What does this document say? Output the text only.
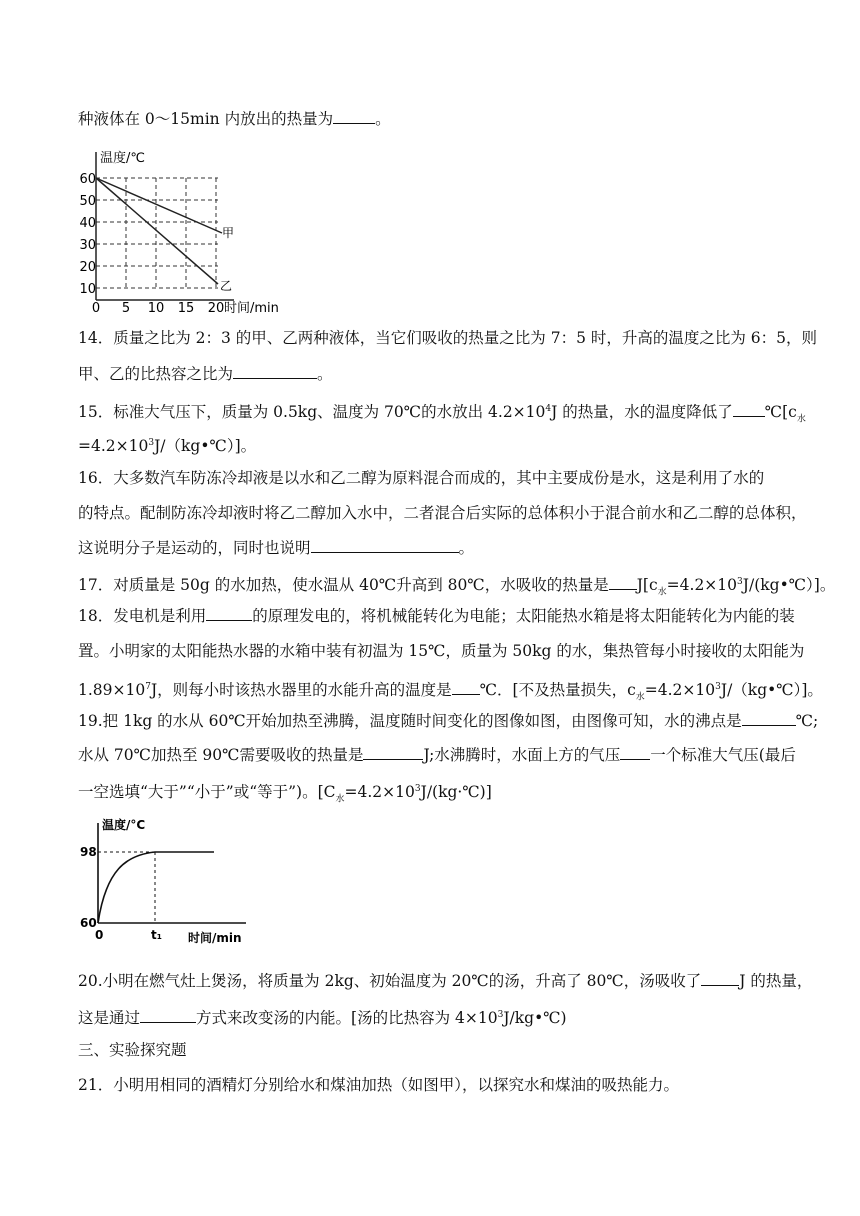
种液体在 0～15min 内放出的热量为	。
温度/℃
60
50
40
30
20
10
0 5 10 15 20 时间/min
甲
乙
14．质量之比为 2：3 的甲、乙两种液体，当它们吸收的热量之比为 7：5 时，升高的温度之比为 6：5，则
甲、乙的比热容之比为	。
15．标准大气压下，质量为 0.5kg、温度为 70℃的水放出 $4.2\times 10^4J$ 的热量，水的温度降低了 $℃[c_水$
$=4.2\times 10^3J/(kg•℃)$]。
16．大多数汽车防冻冷却液是以水和乙二醇为原料混合而成的，其中主要成份是水，这是利用了水的
的特点。配制防冻冷却液时将乙二醇加入水中，二者混合后实际的总体积小于混合前水和乙二醇的总体积，
这说明分子是运动的，同时也说明	。
17．对质量是 50g 的水加热，使水温从 40℃升高到 80℃，水吸收的热量是 $J[c_水=4.2\times 10^3J/(kg•℃)]$。
18．发电机是利用	的原理发电的，将机械能转化为电能；太阳能热水箱是将太阳能转化为内能的装
置。小明家的太阳能热水器的水箱中装有初温为 15℃，质量为 50kg 的水，集热管每小时接收的太阳能为
$1.89\times 10^7J$，则每小时该热水器里的水能升高的温度是 ℃．[不及热量损失，$c_水=4.2\times 10^3J/(kg•℃)$]。
19.把 1kg 的水从 60℃开始加热至沸腾，温度随时间变化的图像如图，由图像可知，水的沸点是	℃;
水从 70℃加热至 90℃需要吸收的热量是	J;水沸腾时，水面上方的气压 一个标准大气压(最后
一空选填“大于”“小于”或“等于”)。$[C_水=4.2\times 10^3J/(kg\cdot℃)]$
温度/°C
98
60
0	t₁ 时间/min
20.小明在燃气灶上煲汤，将质量为 2kg、初始温度为 20℃的汤，升高了 80℃，汤吸收了 J 的热量，
这是通过	方式来改变汤的内能。[汤的比热容为 $4\times 10^3J/kg•℃$)
三、实验探究题
21．小明用相同的酒精灯分别给水和煤油加热（如图甲），以探究水和煤油的吸热能力。
